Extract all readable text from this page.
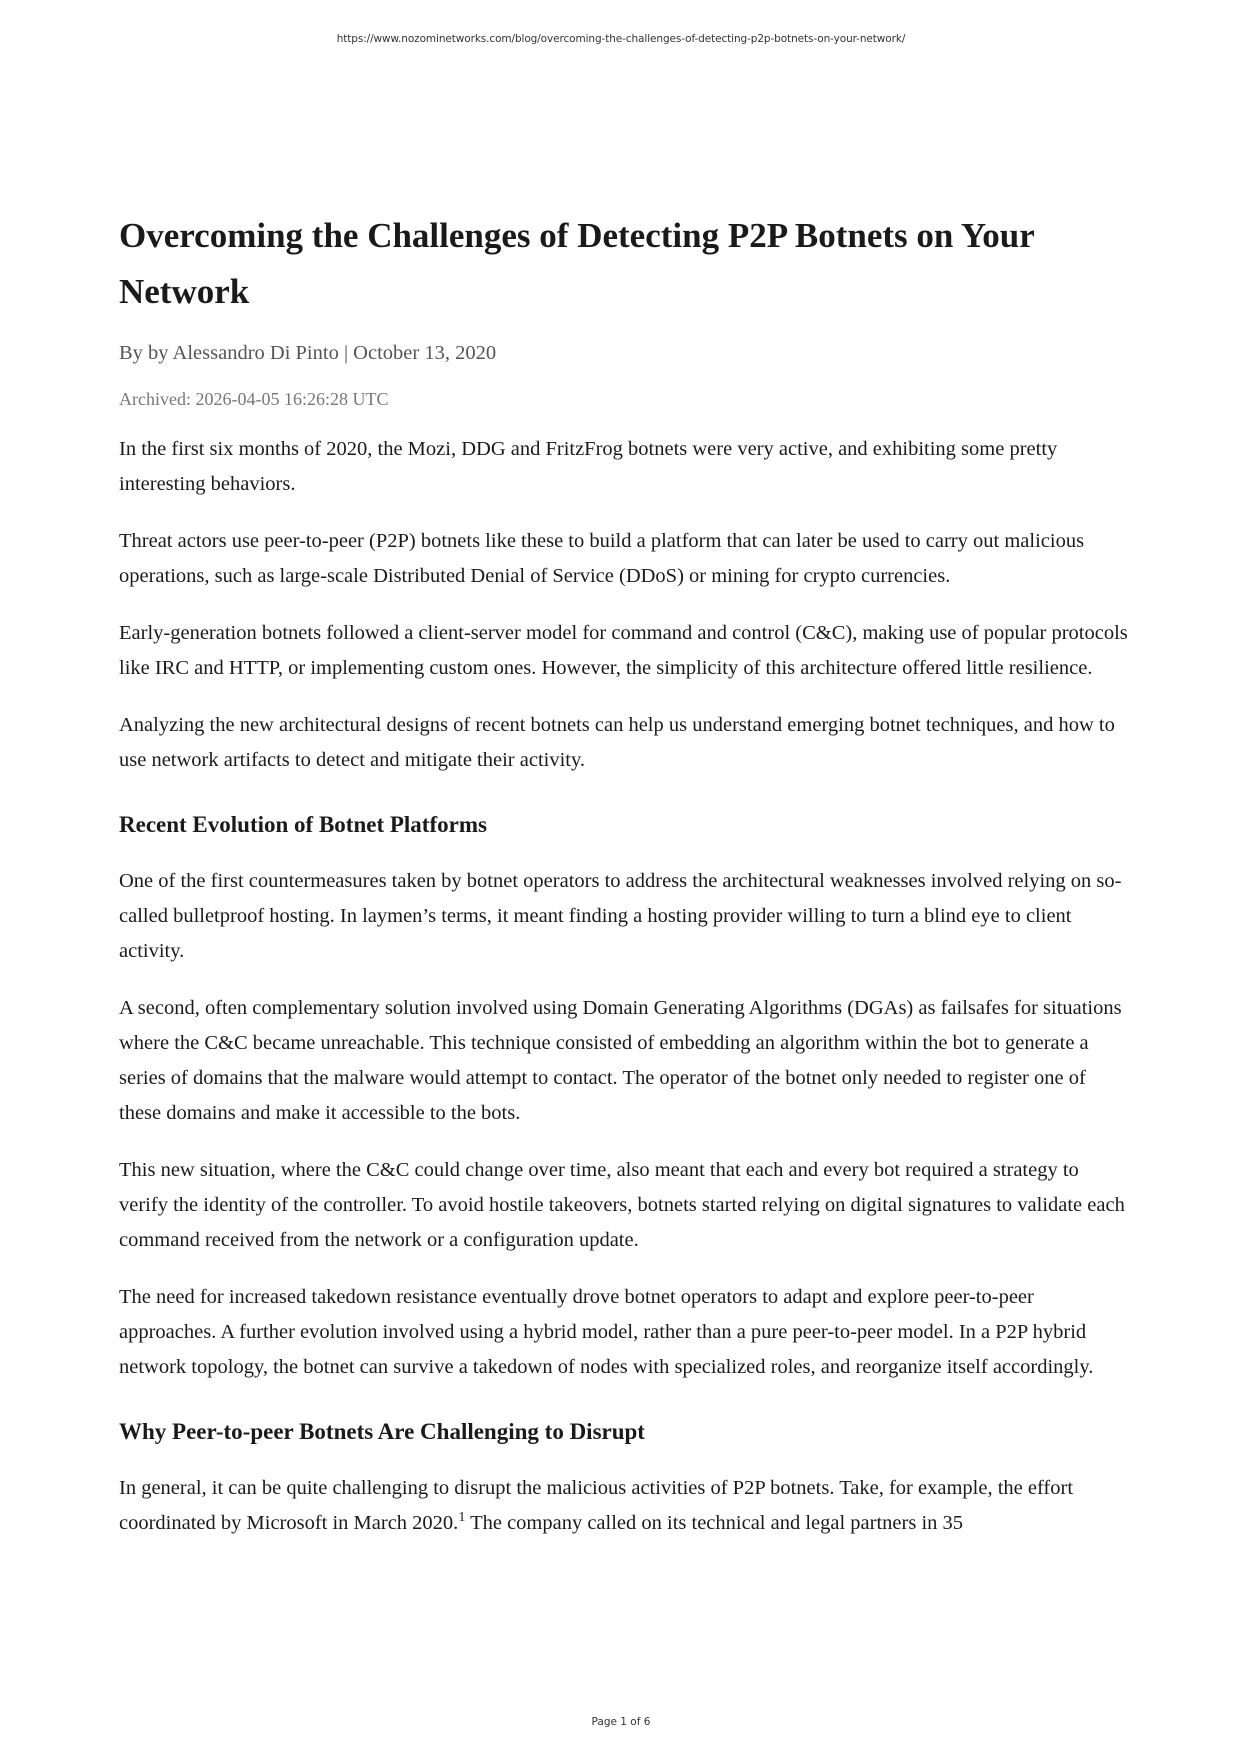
https://www.nozominetworks.com/blog/overcoming-the-challenges-of-detecting-p2p-botnets-on-your-network/
Overcoming the Challenges of Detecting P2P Botnets on Your Network
By by Alessandro Di Pinto | October 13, 2020
Archived: 2026-04-05 16:26:28 UTC

In the first six months of 2020, the Mozi, DDG and FritzFrog botnets were very active, and exhibiting some pretty interesting behaviors.

Threat actors use peer-to-peer (P2P) botnets like these to build a platform that can later be used to carry out malicious operations, such as large-scale Distributed Denial of Service (DDoS) or mining for crypto currencies.

Early-generation botnets followed a client-server model for command and control (C&C), making use of popular protocols like IRC and HTTP, or implementing custom ones. However, the simplicity of this architecture offered little resilience.

Analyzing the new architectural designs of recent botnets can help us understand emerging botnet techniques, and how to use network artifacts to detect and mitigate their activity.

Recent Evolution of Botnet Platforms

One of the first countermeasures taken by botnet operators to address the architectural weaknesses involved relying on so-called bulletproof hosting. In laymen’s terms, it meant finding a hosting provider willing to turn a blind eye to client activity.

A second, often complementary solution involved using Domain Generating Algorithms (DGAs) as failsafes for situations where the C&C became unreachable. This technique consisted of embedding an algorithm within the bot to generate a series of domains that the malware would attempt to contact. The operator of the botnet only needed to register one of these domains and make it accessible to the bots.

This new situation, where the C&C could change over time, also meant that each and every bot required a strategy to verify the identity of the controller. To avoid hostile takeovers, botnets started relying on digital signatures to validate each command received from the network or a configuration update.

The need for increased takedown resistance eventually drove botnet operators to adapt and explore peer-to-peer approaches. A further evolution involved using a hybrid model, rather than a pure peer-to-peer model. In a P2P hybrid network topology, the botnet can survive a takedown of nodes with specialized roles, and reorganize itself accordingly.

Why Peer-to-peer Botnets Are Challenging to Disrupt

In general, it can be quite challenging to disrupt the malicious activities of P2P botnets. Take, for example, the effort coordinated by Microsoft in March 2020.$^1$ The company called on its technical and legal partners in 35

Page 1 of 6
